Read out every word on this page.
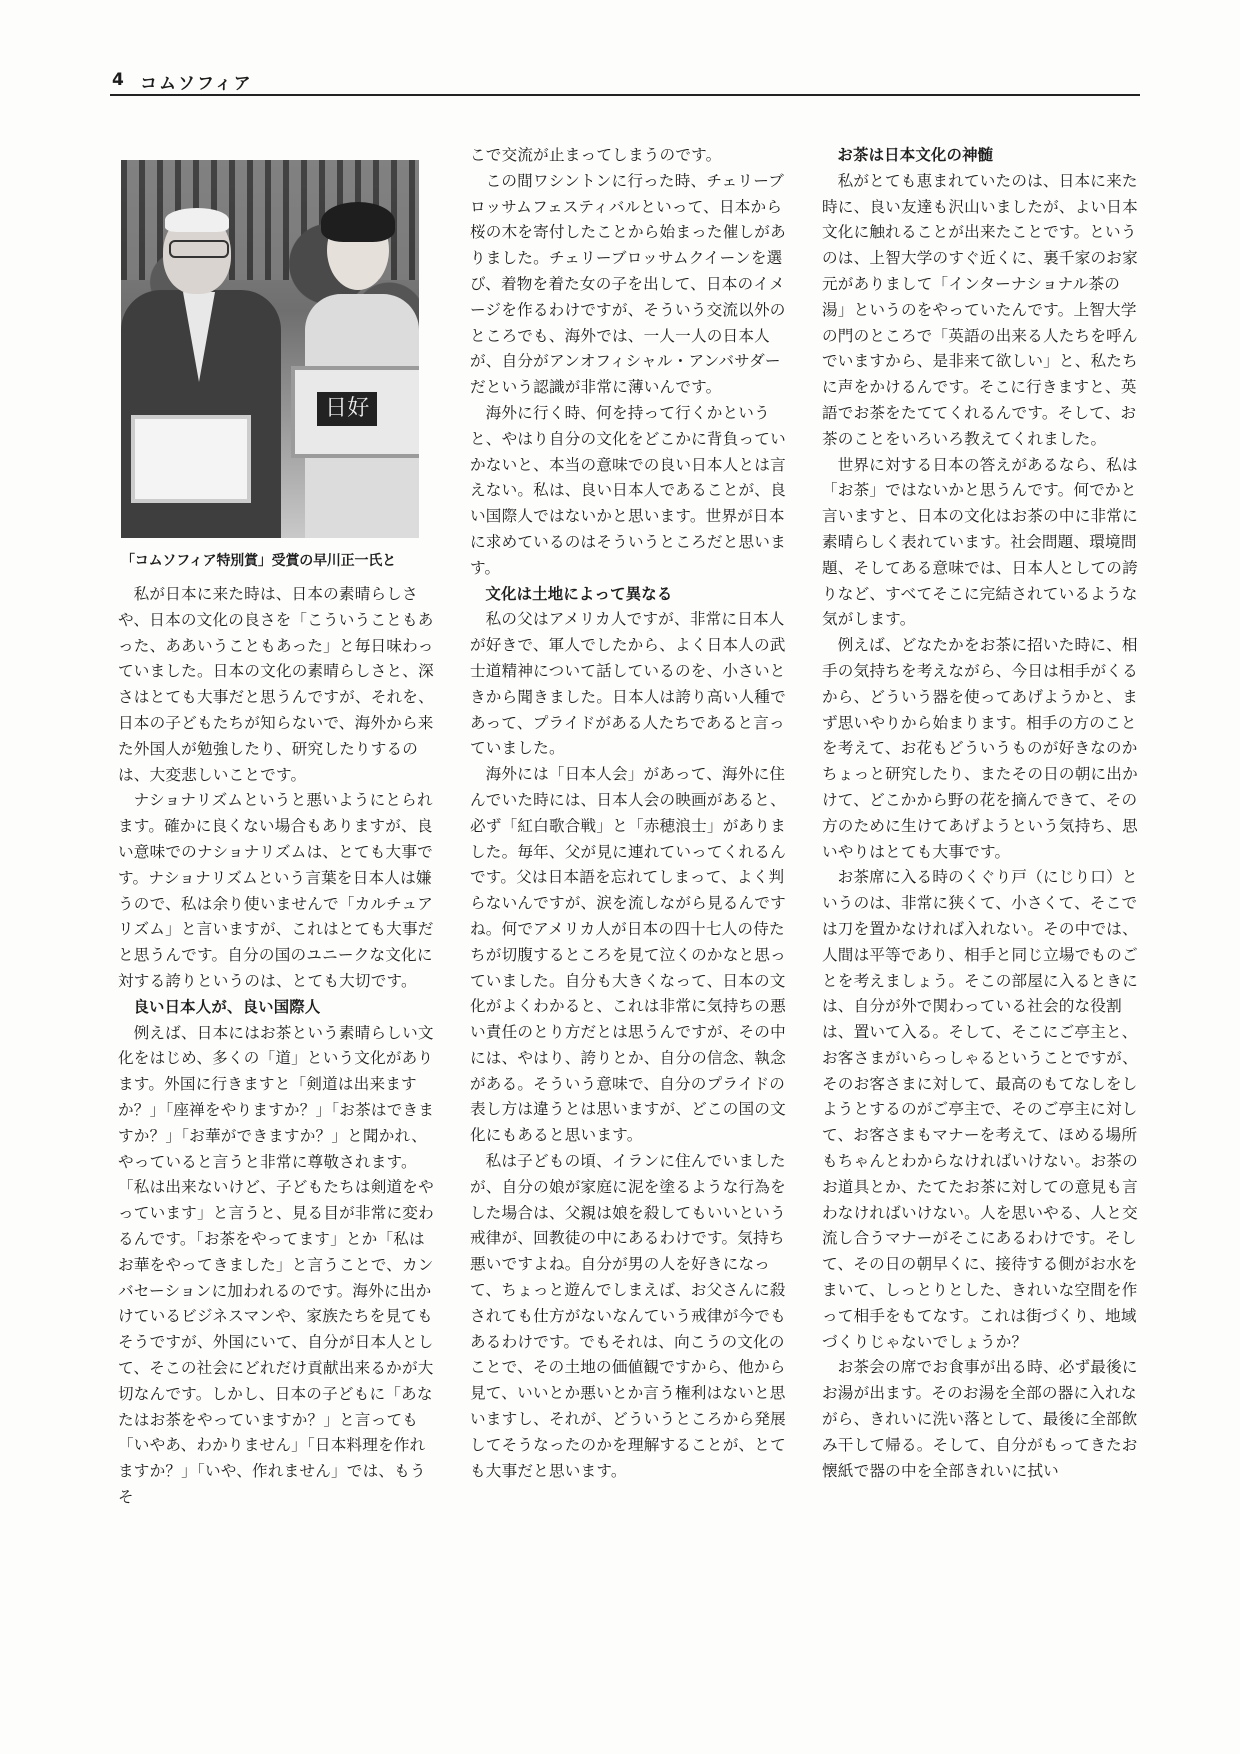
4 コムソフィア
日好
「コムソフィア特別賞」受賞の早川正一氏と

私が日本に来た時は、日本の素晴らしさや、日本の文化の良さを「こういうこともあった、ああいうこともあった」と毎日味わっていました。日本の文化の素晴らしさと、深さはとても大事だと思うんですが、それを、日本の子どもたちが知らないで、海外から来た外国人が勉強したり、研究したりするのは、大変悲しいことです。

ナショナリズムというと悪いようにとられます。確かに良くない場合もありますが、良い意味でのナショナリズムは、とても大事です。ナショナリズムという言葉を日本人は嫌うので、私は余り使いませんで「カルチュアリズム」と言いますが、これはとても大事だと思うんです。自分の国のユニークな文化に対する誇りというのは、とても大切です。

良い日本人が、良い国際人

例えば、日本にはお茶という素晴らしい文化をはじめ、多くの「道」という文化があります。外国に行きますと「剣道は出来ますか？」「座禅をやりますか？」「お茶はできますか？」「お華ができますか？」と聞かれ、やっていると言うと非常に尊敬されます。「私は出来ないけど、子どもたちは剣道をやっています」と言うと、見る目が非常に変わるんです。「お茶をやってます」とか「私はお華をやってきました」と言うことで、カンバセーションに加われるのです。海外に出かけているビジネスマンや、家族たちを見てもそうですが、外国にいて、自分が日本人として、そこの社会にどれだけ貢献出来るかが大切なんです。しかし、日本の子どもに「あなたはお茶をやっていますか？」と言っても「いやあ、わかりません」「日本料理を作れますか？」「いや、作れません」では、もうそ

こで交流が止まってしまうのです。

この間ワシントンに行った時、チェリーブロッサムフェスティバルといって、日本から桜の木を寄付したことから始まった催しがありました。チェリーブロッサムクイーンを選び、着物を着た女の子を出して、日本のイメージを作るわけですが、そういう交流以外のところでも、海外では、一人一人の日本人が、自分がアンオフィシャル・アンバサダーだという認識が非常に薄いんです。

海外に行く時、何を持って行くかというと、やはり自分の文化をどこかに背負っていかないと、本当の意味での良い日本人とは言えない。私は、良い日本人であることが、良い国際人ではないかと思います。世界が日本に求めているのはそういうところだと思います。

文化は土地によって異なる

私の父はアメリカ人ですが、非常に日本人が好きで、軍人でしたから、よく日本人の武士道精神について話しているのを、小さいときから聞きました。日本人は誇り高い人種であって、プライドがある人たちであると言っていました。

海外には「日本人会」があって、海外に住んでいた時には、日本人会の映画があると、必ず「紅白歌合戦」と「赤穂浪士」がありました。毎年、父が見に連れていってくれるんです。父は日本語を忘れてしまって、よく判らないんですが、涙を流しながら見るんですね。何でアメリカ人が日本の四十七人の侍たちが切腹するところを見て泣くのかなと思っていました。自分も大きくなって、日本の文化がよくわかると、これは非常に気持ちの悪い責任のとり方だとは思うんですが、その中には、やはり、誇りとか、自分の信念、執念がある。そういう意味で、自分のプライドの表し方は違うとは思いますが、どこの国の文化にもあると思います。

私は子どもの頃、イランに住んでいましたが、自分の娘が家庭に泥を塗るような行為をした場合は、父親は娘を殺してもいいという戒律が、回教徒の中にあるわけです。気持ち悪いですよね。自分が男の人を好きになって、ちょっと遊んでしまえば、お父さんに殺されても仕方がないなんていう戒律が今でもあるわけです。でもそれは、向こうの文化のことで、その土地の価値観ですから、他から見て、いいとか悪いとか言う権利はないと思いますし、それが、どういうところから発展してそうなったのかを理解することが、とても大事だと思います。

お茶は日本文化の神髄

私がとても恵まれていたのは、日本に来た時に、良い友達も沢山いましたが、よい日本文化に触れることが出来たことです。というのは、上智大学のすぐ近くに、裏千家のお家元がありまして「インターナショナル茶の湯」というのをやっていたんです。上智大学の門のところで「英語の出来る人たちを呼んでいますから、是非来て欲しい」と、私たちに声をかけるんです。そこに行きますと、英語でお茶をたててくれるんです。そして、お茶のことをいろいろ教えてくれました。

世界に対する日本の答えがあるなら、私は「お茶」ではないかと思うんです。何でかと言いますと、日本の文化はお茶の中に非常に素晴らしく表れています。社会問題、環境問題、そしてある意味では、日本人としての誇りなど、すべてそこに完結されているような気がします。

例えば、どなたかをお茶に招いた時に、相手の気持ちを考えながら、今日は相手がくるから、どういう器を使ってあげようかと、まず思いやりから始まります。相手の方のことを考えて、お花もどういうものが好きなのかちょっと研究したり、またその日の朝に出かけて、どこかから野の花を摘んできて、その方のために生けてあげようという気持ち、思いやりはとても大事です。

お茶席に入る時のくぐり戸（にじり口）というのは、非常に狭くて、小さくて、そこでは刀を置かなければ入れない。その中では、人間は平等であり、相手と同じ立場でものごとを考えましょう。そこの部屋に入るときには、自分が外で関わっている社会的な役割は、置いて入る。そして、そこにご亭主と、お客さまがいらっしゃるということですが、そのお客さまに対して、最高のもてなしをしようとするのがご亭主で、そのご亭主に対して、お客さまもマナーを考えて、ほめる場所もちゃんとわからなければいけない。お茶のお道具とか、たてたお茶に対しての意見も言わなければいけない。人を思いやる、人と交流し合うマナーがそこにあるわけです。そして、その日の朝早くに、接待する側がお水をまいて、しっとりとした、きれいな空間を作って相手をもてなす。これは街づくり、地域づくりじゃないでしょうか？

お茶会の席でお食事が出る時、必ず最後にお湯が出ます。そのお湯を全部の器に入れながら、きれいに洗い落として、最後に全部飲み干して帰る。そして、自分がもってきたお懐紙で器の中を全部きれいに拭い
